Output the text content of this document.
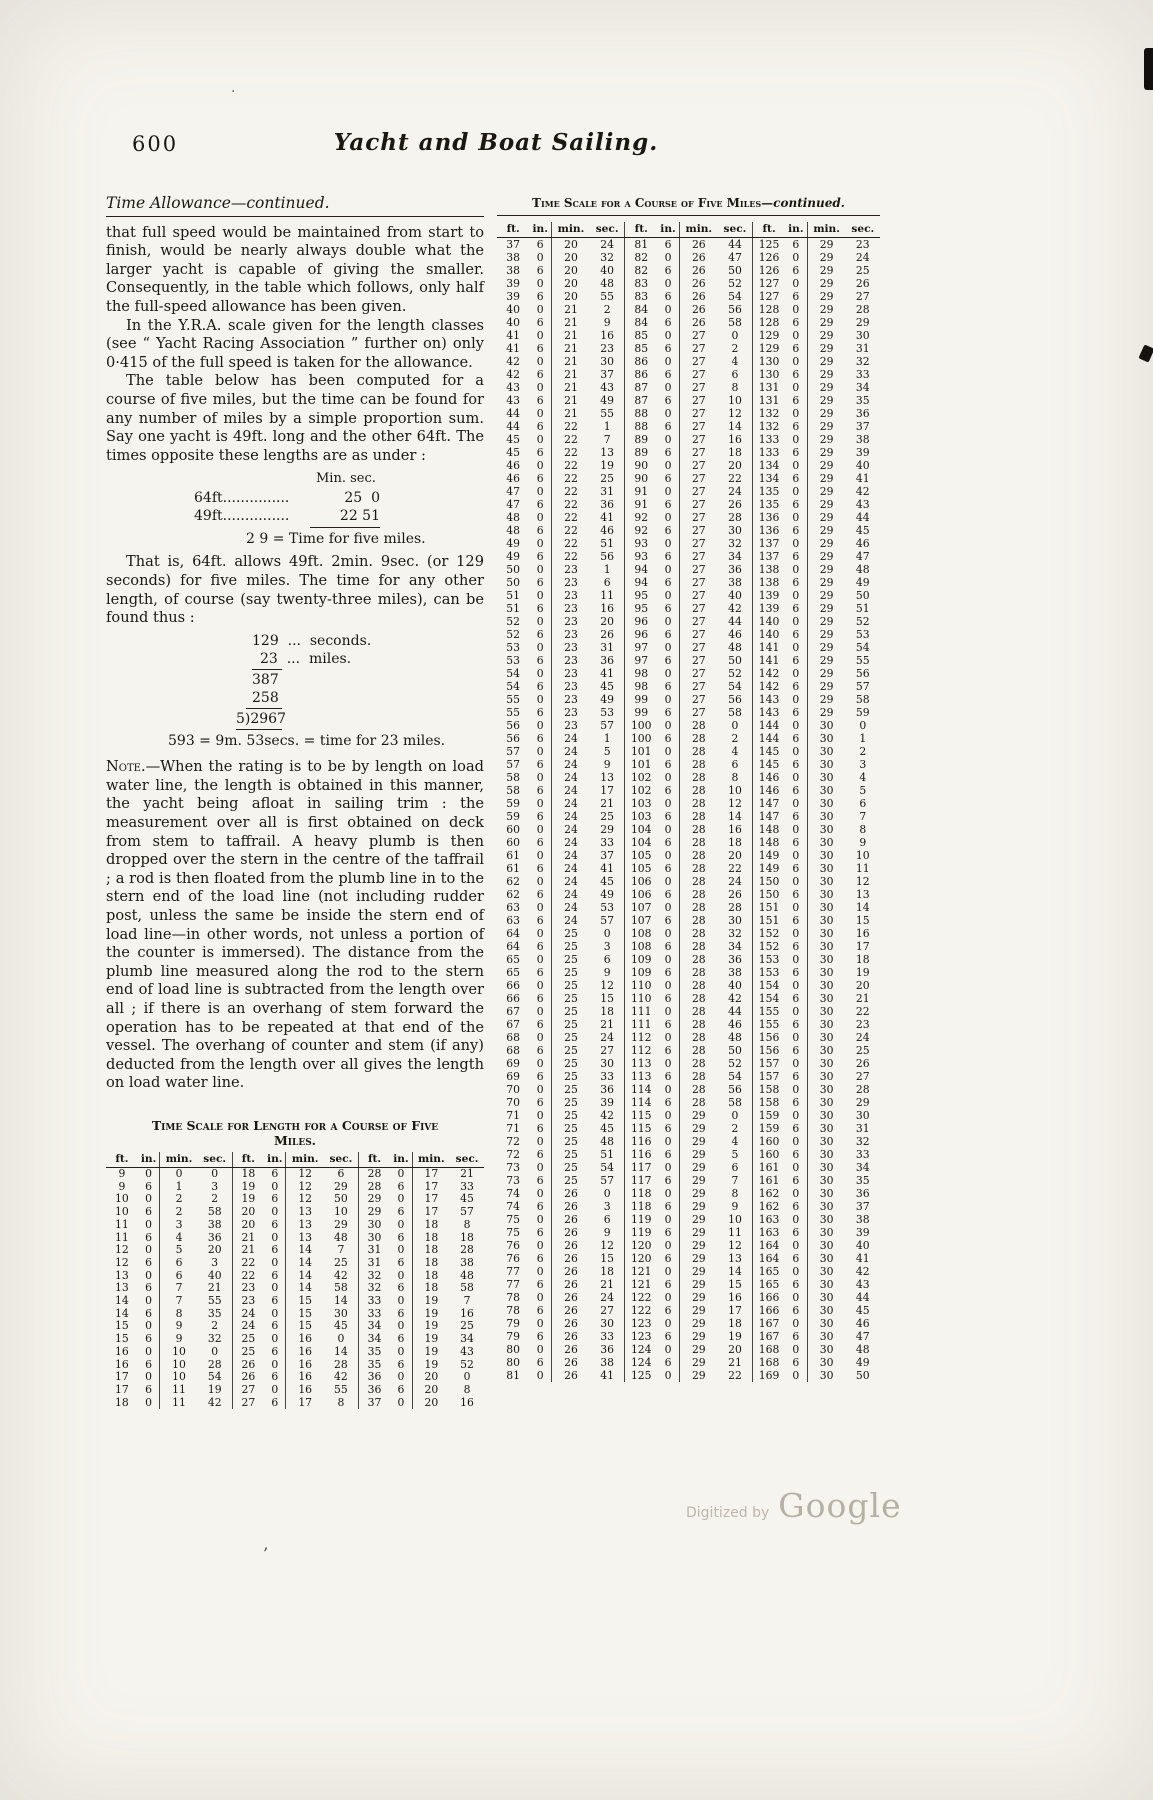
600	Yacht and Boat Sailing.
Time Allowance—continued.

that full speed would be maintained from start to finish, would be nearly always double what the larger yacht is capable of giving the smaller. Consequently, in the table which follows, only half the full-speed allowance has been given.

In the Y.R.A. scale given for the length classes (see “ Yacht Racing Association ” further on) only 0·415 of the full speed is taken for the allowance.

The table below has been computed for a course of five miles, but the time can be found for any number of miles by a simple proportion sum. Say one yacht is 49ft. long and the other 64ft. The times opposite these lengths are as under :

Min. sec.
64ft...............	25  0
49ft...............	22 51
2 9 = Time for five miles.

That is, 64ft. allows 49ft. 2min. 9sec. (or 129 seconds) for five miles. The time for any other length, of course (say twenty-three miles), can be found thus :

129  ...  seconds.
23  ...  miles.
387
258
5)2967
593 = 9m. 53secs. = time for 23 miles.

Note.—When the rating is to be by length on load water line, the length is obtained in this manner, the yacht being afloat in sailing trim : the measurement over all is first obtained on deck from stem to taffrail. A heavy plumb is then dropped over the stern in the centre of the taffrail ; a rod is then floated from the plumb line in to the stern end of the load line (not including rudder post, unless the same be inside the stern end of load line—in other words, not unless a portion of the counter is immersed). The distance from the plumb line measured along the rod to the stern end of load line is subtracted from the length over all ; if there is an overhang of stem forward the operation has to be repeated at that end of the vessel. The overhang of counter and stem (if any) deducted from the length over all gives the length on load water line.

Time Scale for Length for a Course of Five
Miles.
ft.	in.	min.	sec.
9	0	0	0
9	6	1	3
10	0	2	2
10	6	2	58
11	0	3	38
11	6	4	36
12	0	5	20
12	6	6	3
13	0	6	40
13	6	7	21
14	0	7	55
14	6	8	35
15	0	9	2
15	6	9	32
16	0	10	0
16	6	10	28
17	0	10	54
17	6	11	19
18	0	11	42
ft.	in.	min.	sec.
18	6	12	6
19	0	12	29
19	6	12	50
20	0	13	10
20	6	13	29
21	0	13	48
21	6	14	7
22	0	14	25
22	6	14	42
23	0	14	58
23	6	15	14
24	0	15	30
24	6	15	45
25	0	16	0
25	6	16	14
26	0	16	28
26	6	16	42
27	0	16	55
27	6	17	8
ft.	in.	min.	sec.
28	0	17	21
28	6	17	33
29	0	17	45
29	6	17	57
30	0	18	8
30	6	18	18
31	0	18	28
31	6	18	38
32	0	18	48
32	6	18	58
33	0	19	7
33	6	19	16
34	0	19	25
34	6	19	34
35	0	19	43
35	6	19	52
36	0	20	0
36	6	20	8
37	0	20	16
Time Scale for a Course of Five Miles—continued.
ft.	in.	min.	sec.
37	6	20	24
38	0	20	32
38	6	20	40
39	0	20	48
39	6	20	55
40	0	21	2
40	6	21	9
41	0	21	16
41	6	21	23
42	0	21	30
42	6	21	37
43	0	21	43
43	6	21	49
44	0	21	55
44	6	22	1
45	0	22	7
45	6	22	13
46	0	22	19
46	6	22	25
47	0	22	31
47	6	22	36
48	0	22	41
48	6	22	46
49	0	22	51
49	6	22	56
50	0	23	1
50	6	23	6
51	0	23	11
51	6	23	16
52	0	23	20
52	6	23	26
53	0	23	31
53	6	23	36
54	0	23	41
54	6	23	45
55	0	23	49
55	6	23	53
56	0	23	57
56	6	24	1
57	0	24	5
57	6	24	9
58	0	24	13
58	6	24	17
59	0	24	21
59	6	24	25
60	0	24	29
60	6	24	33
61	0	24	37
61	6	24	41
62	0	24	45
62	6	24	49
63	0	24	53
63	6	24	57
64	0	25	0
64	6	25	3
65	0	25	6
65	6	25	9
66	0	25	12
66	6	25	15
67	0	25	18
67	6	25	21
68	0	25	24
68	6	25	27
69	0	25	30
69	6	25	33
70	0	25	36
70	6	25	39
71	0	25	42
71	6	25	45
72	0	25	48
72	6	25	51
73	0	25	54
73	6	25	57
74	0	26	0
74	6	26	3
75	0	26	6
75	6	26	9
76	0	26	12
76	6	26	15
77	0	26	18
77	6	26	21
78	0	26	24
78	6	26	27
79	0	26	30
79	6	26	33
80	0	26	36
80	6	26	38
81	0	26	41
ft.	in.	min.	sec.
81	6	26	44
82	0	26	47
82	6	26	50
83	0	26	52
83	6	26	54
84	0	26	56
84	6	26	58
85	0	27	0
85	6	27	2
86	0	27	4
86	6	27	6
87	0	27	8
87	6	27	10
88	0	27	12
88	6	27	14
89	0	27	16
89	6	27	18
90	0	27	20
90	6	27	22
91	0	27	24
91	6	27	26
92	0	27	28
92	6	27	30
93	0	27	32
93	6	27	34
94	0	27	36
94	6	27	38
95	0	27	40
95	6	27	42
96	0	27	44
96	6	27	46
97	0	27	48
97	6	27	50
98	0	27	52
98	6	27	54
99	0	27	56
99	6	27	58
100	0	28	0
100	6	28	2
101	0	28	4
101	6	28	6
102	0	28	8
102	6	28	10
103	0	28	12
103	6	28	14
104	0	28	16
104	6	28	18
105	0	28	20
105	6	28	22
106	0	28	24
106	6	28	26
107	0	28	28
107	6	28	30
108	0	28	32
108	6	28	34
109	0	28	36
109	6	28	38
110	0	28	40
110	6	28	42
111	0	28	44
111	6	28	46
112	0	28	48
112	6	28	50
113	0	28	52
113	6	28	54
114	0	28	56
114	6	28	58
115	0	29	0
115	6	29	2
116	0	29	4
116	6	29	5
117	0	29	6
117	6	29	7
118	0	29	8
118	6	29	9
119	0	29	10
119	6	29	11
120	0	29	12
120	6	29	13
121	0	29	14
121	6	29	15
122	0	29	16
122	6	29	17
123	0	29	18
123	6	29	19
124	0	29	20
124	6	29	21
125	0	29	22
ft.	in.	min.	sec.
125	6	29	23
126	0	29	24
126	6	29	25
127	0	29	26
127	6	29	27
128	0	29	28
128	6	29	29
129	0	29	30
129	6	29	31
130	0	29	32
130	6	29	33
131	0	29	34
131	6	29	35
132	0	29	36
132	6	29	37
133	0	29	38
133	6	29	39
134	0	29	40
134	6	29	41
135	0	29	42
135	6	29	43
136	0	29	44
136	6	29	45
137	0	29	46
137	6	29	47
138	0	29	48
138	6	29	49
139	0	29	50
139	6	29	51
140	0	29	52
140	6	29	53
141	0	29	54
141	6	29	55
142	0	29	56
142	6	29	57
143	0	29	58
143	6	29	59
144	0	30	0
144	6	30	1
145	0	30	2
145	6	30	3
146	0	30	4
146	6	30	5
147	0	30	6
147	6	30	7
148	0	30	8
148	6	30	9
149	0	30	10
149	6	30	11
150	0	30	12
150	6	30	13
151	0	30	14
151	6	30	15
152	0	30	16
152	6	30	17
153	0	30	18
153	6	30	19
154	0	30	20
154	6	30	21
155	0	30	22
155	6	30	23
156	0	30	24
156	6	30	25
157	0	30	26
157	6	30	27
158	0	30	28
158	6	30	29
159	0	30	30
159	6	30	31
160	0	30	32
160	6	30	33
161	0	30	34
161	6	30	35
162	0	30	36
162	6	30	37
163	0	30	38
163	6	30	39
164	0	30	40
164	6	30	41
165	0	30	42
165	6	30	43
166	0	30	44
166	6	30	45
167	0	30	46
167	6	30	47
168	0	30	48
168	6	30	49
169	0	30	50
Digitized by Google
·
’
